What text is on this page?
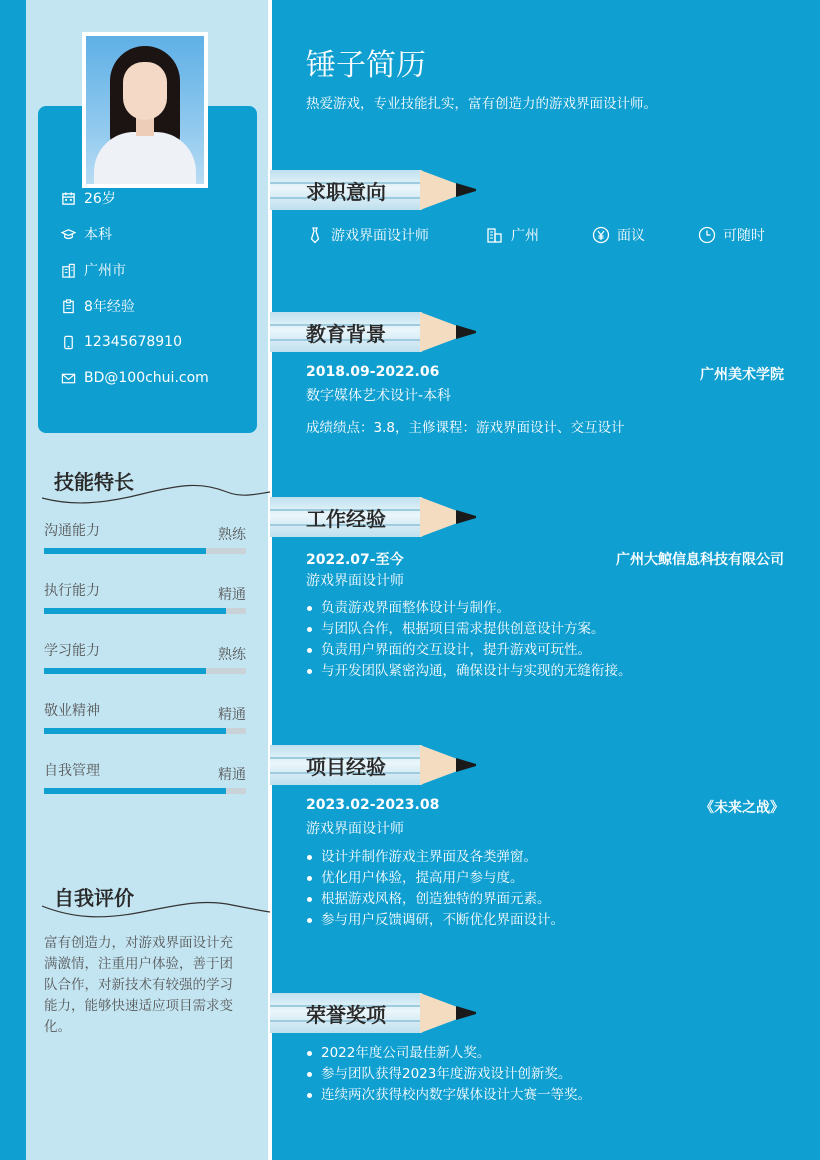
26岁
本科
广州市
8年经验
12345678910
BD@100chui.com
技能特长
沟通能力	熟练
执行能力	精通
学习能力	熟练
敬业精神	精通
自我管理	精通
自我评价
富有创造力，对游戏界面设计充满激情，注重用户体验，善于团队合作，对新技术有较强的学习能力，能够快速适应项目需求变化。
锤子简历
热爱游戏，专业技能扎实，富有创造力的游戏界面设计师。
求职意向
游戏界面设计师	广州	面议	可随时
教育背景
2018.09-2022.06	广州美术学院
数字媒体艺术设计-本科
成绩绩点：3.8，主修课程：游戏界面设计、交互设计
工作经验
2022.07-至今	广州大鲸信息科技有限公司
游戏界面设计师
负责游戏界面整体设计与制作。
与团队合作，根据项目需求提供创意设计方案。
负责用户界面的交互设计，提升游戏可玩性。
与开发团队紧密沟通，确保设计与实现的无缝衔接。
项目经验
2023.02-2023.08	《未来之战》
游戏界面设计师
设计并制作游戏主界面及各类弹窗。
优化用户体验，提高用户参与度。
根据游戏风格，创造独特的界面元素。
参与用户反馈调研，不断优化界面设计。
荣誉奖项
2022年度公司最佳新人奖。
参与团队获得2023年度游戏设计创新奖。
连续两次获得校内数字媒体设计大赛一等奖。
